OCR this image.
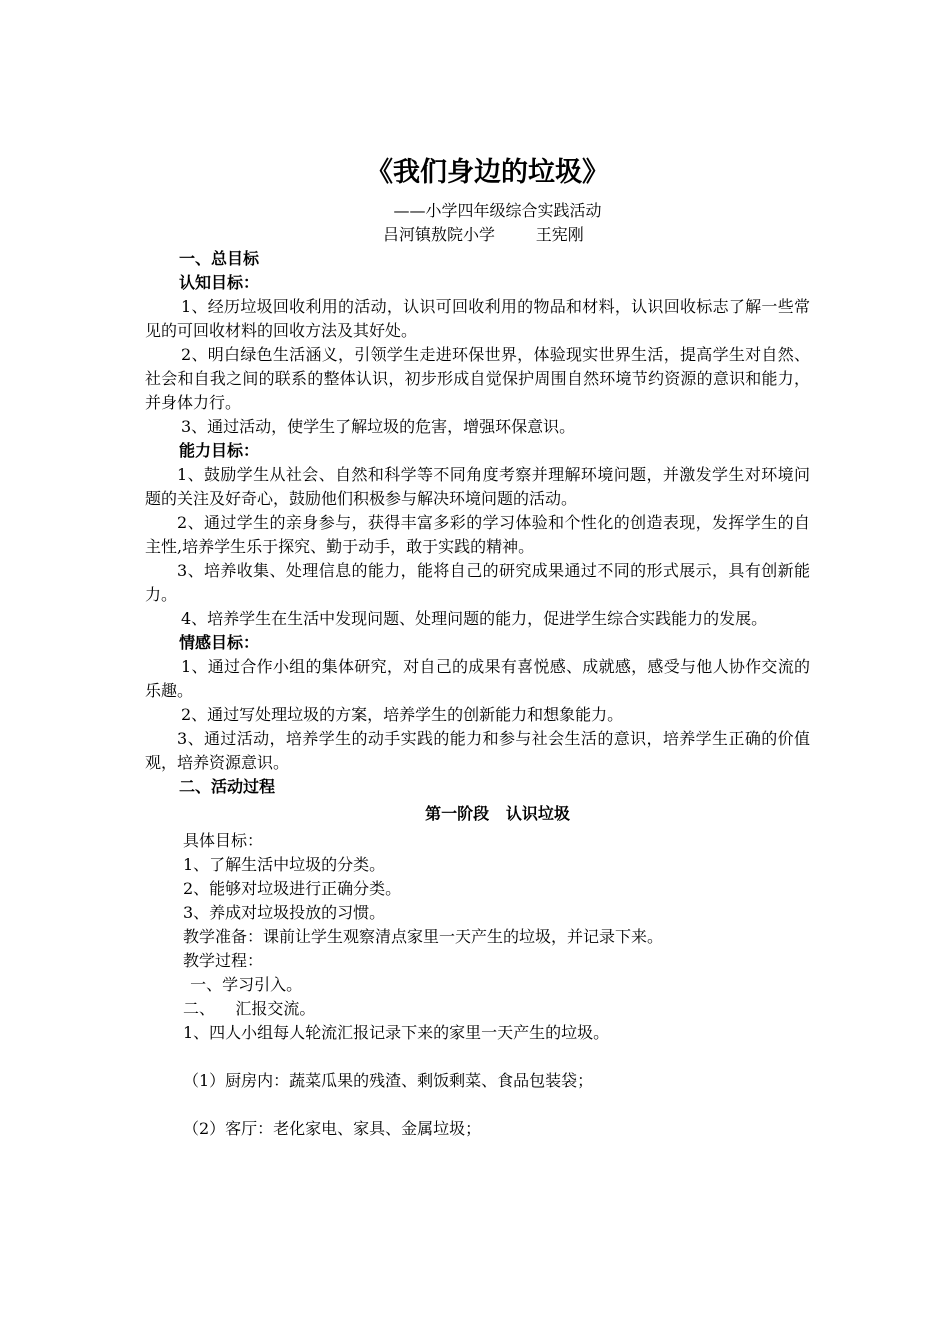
《我们身边的垃圾》
——小学四年级综合实践活动
吕河镇敖院小学        王宪刚
一、总目标
认知目标：

1、经历垃圾回收利用的活动，认识可回收利用的物品和材料，认识回收标志了解一些常见的可回收材料的回收方法及其好处。

2、明白绿色生活涵义，引领学生走进环保世界，体验现实世界生活，提高学生对自然、社会和自我之间的联系的整体认识，初步形成自觉保护周围自然环境节约资源的意识和能力，并身体力行。

3、通过活动，使学生了解垃圾的危害，增强环保意识。

能力目标：

1、鼓励学生从社会、自然和科学等不同角度考察并理解环境问题，并激发学生对环境问题的关注及好奇心，鼓励他们积极参与解决环境问题的活动。

2、通过学生的亲身参与，获得丰富多彩的学习体验和个性化的创造表现，发挥学生的自主性,培养学生乐于探究、勤于动手，敢于实践的精神。

3、培养收集、处理信息的能力，能将自己的研究成果通过不同的形式展示，具有创新能力。

4、培养学生在生活中发现问题、处理问题的能力，促进学生综合实践能力的发展。

情感目标：

1、通过合作小组的集体研究，对自己的成果有喜悦感、成就感，感受与他人协作交流的乐趣。

2、通过写处理垃圾的方案，培养学生的创新能力和想象能力。

3、通过活动，培养学生的动手实践的能力和参与社会生活的意识，培养学生正确的价值观，培养资源意识。

二、活动过程
第一阶段   认识垃圾
具体目标：
1、了解生活中垃圾的分类。
2、能够对垃圾进行正确分类。
3、养成对垃圾投放的习惯。
教学准备：课前让学生观察清点家里一天产生的垃圾，并记录下来。
教学过程：
一、学习引入。
二、    汇报交流。
1、四人小组每人轮流汇报记录下来的家里一天产生的垃圾。
（1）厨房内：蔬菜瓜果的残渣、剩饭剩菜、食品包装袋；
（2）客厅：老化家电、家具、金属垃圾；
